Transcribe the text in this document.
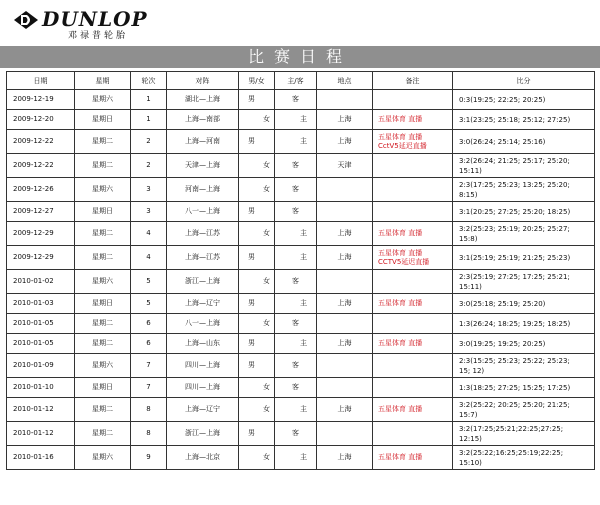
DUNLOP
邓禄普轮胎
比赛日程
日期	星期	轮次	对阵	男/女	主/客	地点	备注	比分
2009-12-19	星期六	1	湖北—上海	男	客			0:3(19:25; 22:25; 20:25)

2009-12-20	星期日	1	上海—南部	女	主	上海	五星体育 直播	3:1(23:25; 25:18; 25:12; 27:25)

2009-12-22	星期二	2	上海—河南	男	主	上海	五星体育 直播
CctV5延迟直播	3:0(26:24; 25:14; 25:16)

2009-12-22	星期二	2	天津—上海	女	客	天津		3:2(26:24; 21:25; 25:17; 25:20;
15:11)
2009-12-26	星期六	3	河南—上海	女	客			2:3(17:25; 25:23; 13:25; 25:20;
8:15)
2009-12-27	星期日	3	八一—上海	男	客			3:1(20:25; 27:25; 25:20; 18:25)

2009-12-29	星期二	4	上海—江苏	女	主	上海	五星体育 直播	3:2(25:23; 25:19; 20:25; 25:27;
15:8)
2009-12-29	星期二	4	上海—江苏	男	主	上海	五星体育 直播
CCTV5延迟直播	3:1(25:19; 25:19; 21:25; 25:23)

2010-01-02	星期六	5	浙江—上海	女	客			2:3(25:19; 27:25; 17:25; 25:21;
15:11)
2010-01-03	星期日	5	上海—辽宁	男	主	上海	五星体育 直播	3:0(25:18; 25:19; 25:20)

2010-01-05	星期二	6	八一—上海	女	客			1:3(26:24; 18:25; 19:25; 18:25)

2010-01-05	星期二	6	上海—山东	男	主	上海	五星体育 直播	3:0(19:25; 19:25; 20:25)

2010-01-09	星期六	7	四川—上海	男	客			2:3(15:25; 25:23; 25:22; 25:23;
15; 12)
2010-01-10	星期日	7	四川—上海	女	客			1:3(18:25; 27:25; 15:25; 17:25)

2010-01-12	星期二	8	上海—辽宁	女	主	上海	五星体育 直播	3:2(25:22; 20:25; 25:20; 21:25;
15:7)
2010-01-12	星期二	8	浙江—上海	男	客			3:2(17:25;25:21;22:25;27:25;
12:15)
2010-01-16	星期六	9	上海—北京	女	主	上海	五星体育 直播	3:2(25:22;16:25;25:19;22:25;
15:10)
